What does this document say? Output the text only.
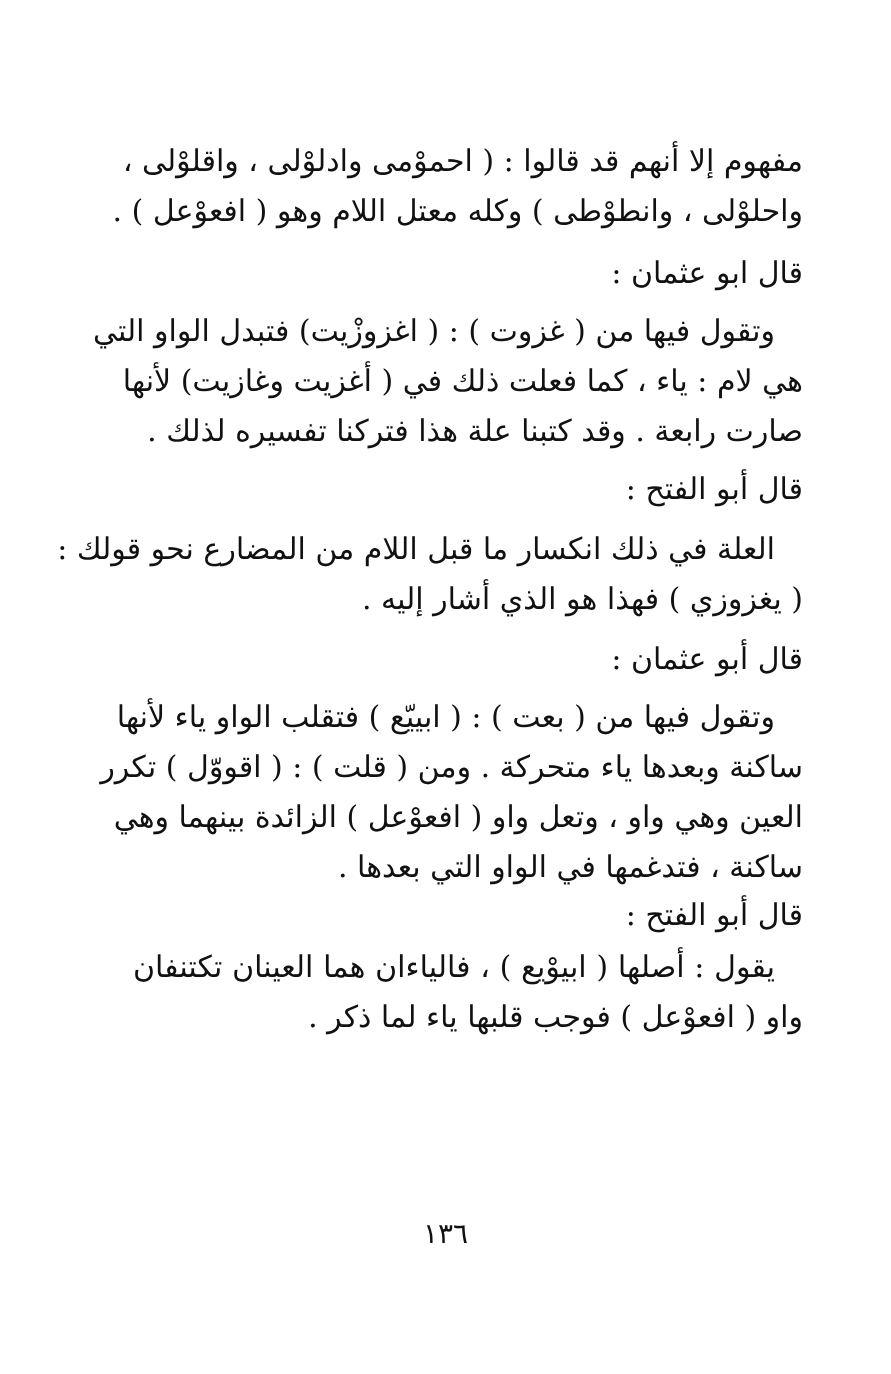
مفهوم إلا أنهم قد قالوا : ( احموْمى وادلوْلى ، واقلوْلى ،
واحلوْلى ، وانطوْطى ) وكله معتل اللام وهو ( افعوْعل ) .
قال ابو عثمان :
وتقول فيها من ( غزوت ) : ( اغزوزْيت) فتبدل الواو التي
هي لام : ياء ، كما فعلت ذلك في ( أغزيت وغازيت) لأنها
صارت رابعة . وقد كتبنا علة هذا فتركنا تفسيره لذلك .
قال أبو الفتح :
العلة في ذلك انكسار ما قبل اللام من المضارع نحو قولك :
( يغزوزي ) فهذا هو الذي أشار إليه .
قال أبو عثمان :
وتقول فيها من ( بعت ) : ( ابييّع ) فتقلب الواو ياء لأنها
ساكنة وبعدها ياء متحركة . ومن ( قلت ) : ( اقووّل ) تكرر
العين وهي واو ، وتعل واو ( افعوْعل ) الزائدة بينهما وهي
ساكنة ، فتدغمها في الواو التي بعدها .
قال أبو الفتح :
يقول : أصلها ( ابيوْيع ) ، فالياءان هما العينان تكتنفان
واو ( افعوْعل ) فوجب قلبها ياء لما ذكر .
١٣٦
